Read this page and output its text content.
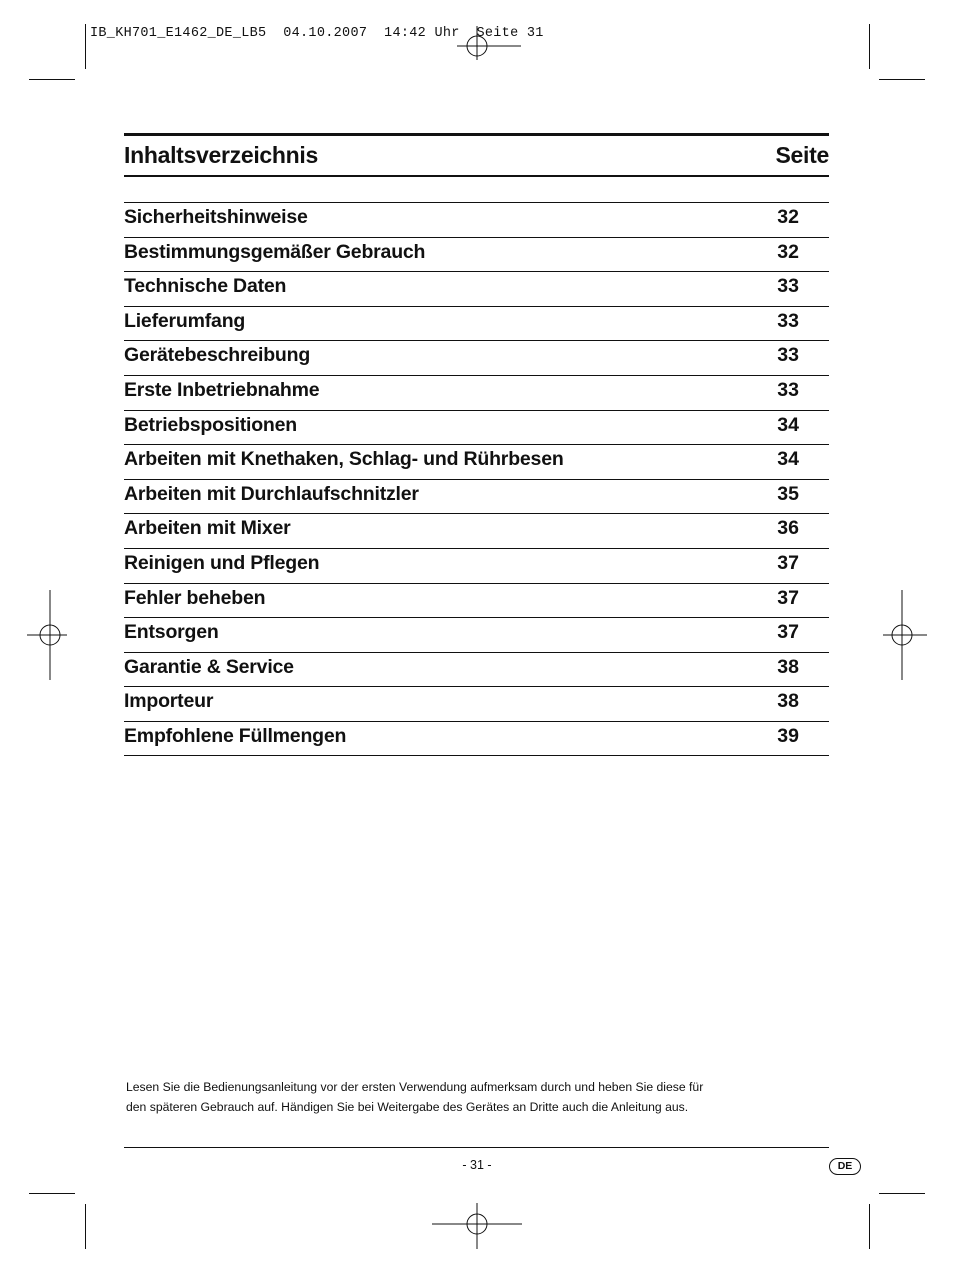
IB_KH701_E1462_DE_LB5  04.10.2007  14:42 Uhr  Seite 31
Inhaltsverzeichnis	Seite
Sicherheitshinweise	32
Bestimmungsgemäßer Gebrauch	32
Technische Daten	33
Lieferumfang	33
Gerätebeschreibung	33
Erste Inbetriebnahme	33
Betriebspositionen	34
Arbeiten mit Knethaken, Schlag- und Rührbesen	34
Arbeiten mit Durchlaufschnitzler	35
Arbeiten mit Mixer	36
Reinigen und Pflegen	37
Fehler beheben	37
Entsorgen	37
Garantie & Service	38
Importeur	38
Empfohlene Füllmengen	39
Lesen Sie die Bedienungsanleitung vor der ersten Verwendung aufmerksam durch und heben Sie diese für
den späteren Gebrauch auf. Händigen Sie bei Weitergabe des Gerätes an Dritte auch die Anleitung aus.
- 31 -	DE
